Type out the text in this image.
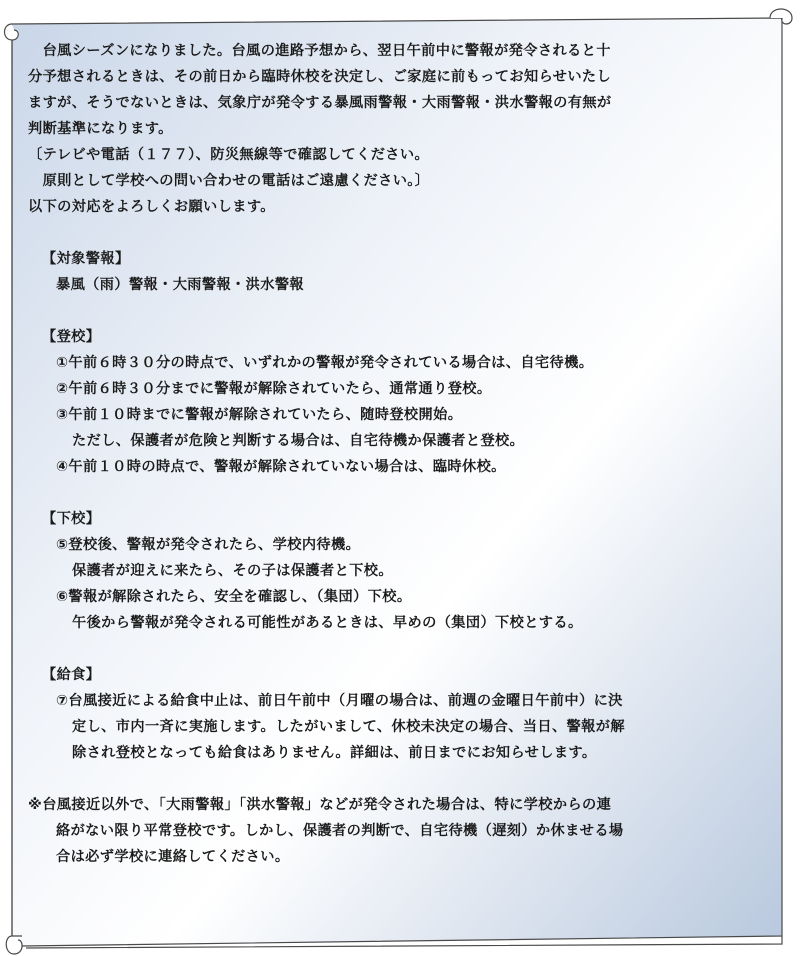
　台風シーズンになりました。台風の進路予想から、翌日午前中に警報が発令されると十
分予想されるときは、その前日から臨時休校を決定し、ご家庭に前もってお知らせいたし
ますが、そうでないときは、気象庁が発令する暴風雨警報・大雨警報・洪水警報の有無が
判断基準になります。
〔テレビや電話（１７７）、防災無線等で確認してください。
　原則として学校への問い合わせの電話はご遠慮ください。〕
以下の対応をよろしくお願いします。
【対象警報】
暴風（雨）警報・大雨警報・洪水警報
【登校】
①午前６時３０分の時点で、いずれかの警報が発令されている場合は、自宅待機。
②午前６時３０分までに警報が解除されていたら、通常通り登校。
③午前１０時までに警報が解除されていたら、随時登校開始。
ただし、保護者が危険と判断する場合は、自宅待機か保護者と登校。
④午前１０時の時点で、警報が解除されていない場合は、臨時休校。
【下校】
⑤登校後、警報が発令されたら、学校内待機。
保護者が迎えに来たら、その子は保護者と下校。
⑥警報が解除されたら、安全を確認し、（集団）下校。
午後から警報が発令される可能性があるときは、早めの（集団）下校とする。
【給食】
⑦台風接近による給食中止は、前日午前中（月曜の場合は、前週の金曜日午前中）に決
定し、市内一斉に実施します。したがいまして、休校未決定の場合、当日、警報が解
除され登校となっても給食はありません。詳細は、前日までにお知らせします。
※台風接近以外で、「大雨警報」「洪水警報」などが発令された場合は、特に学校からの連
絡がない限り平常登校です。しかし、保護者の判断で、自宅待機（遅刻）か休ませる場
合は必ず学校に連絡してください。
